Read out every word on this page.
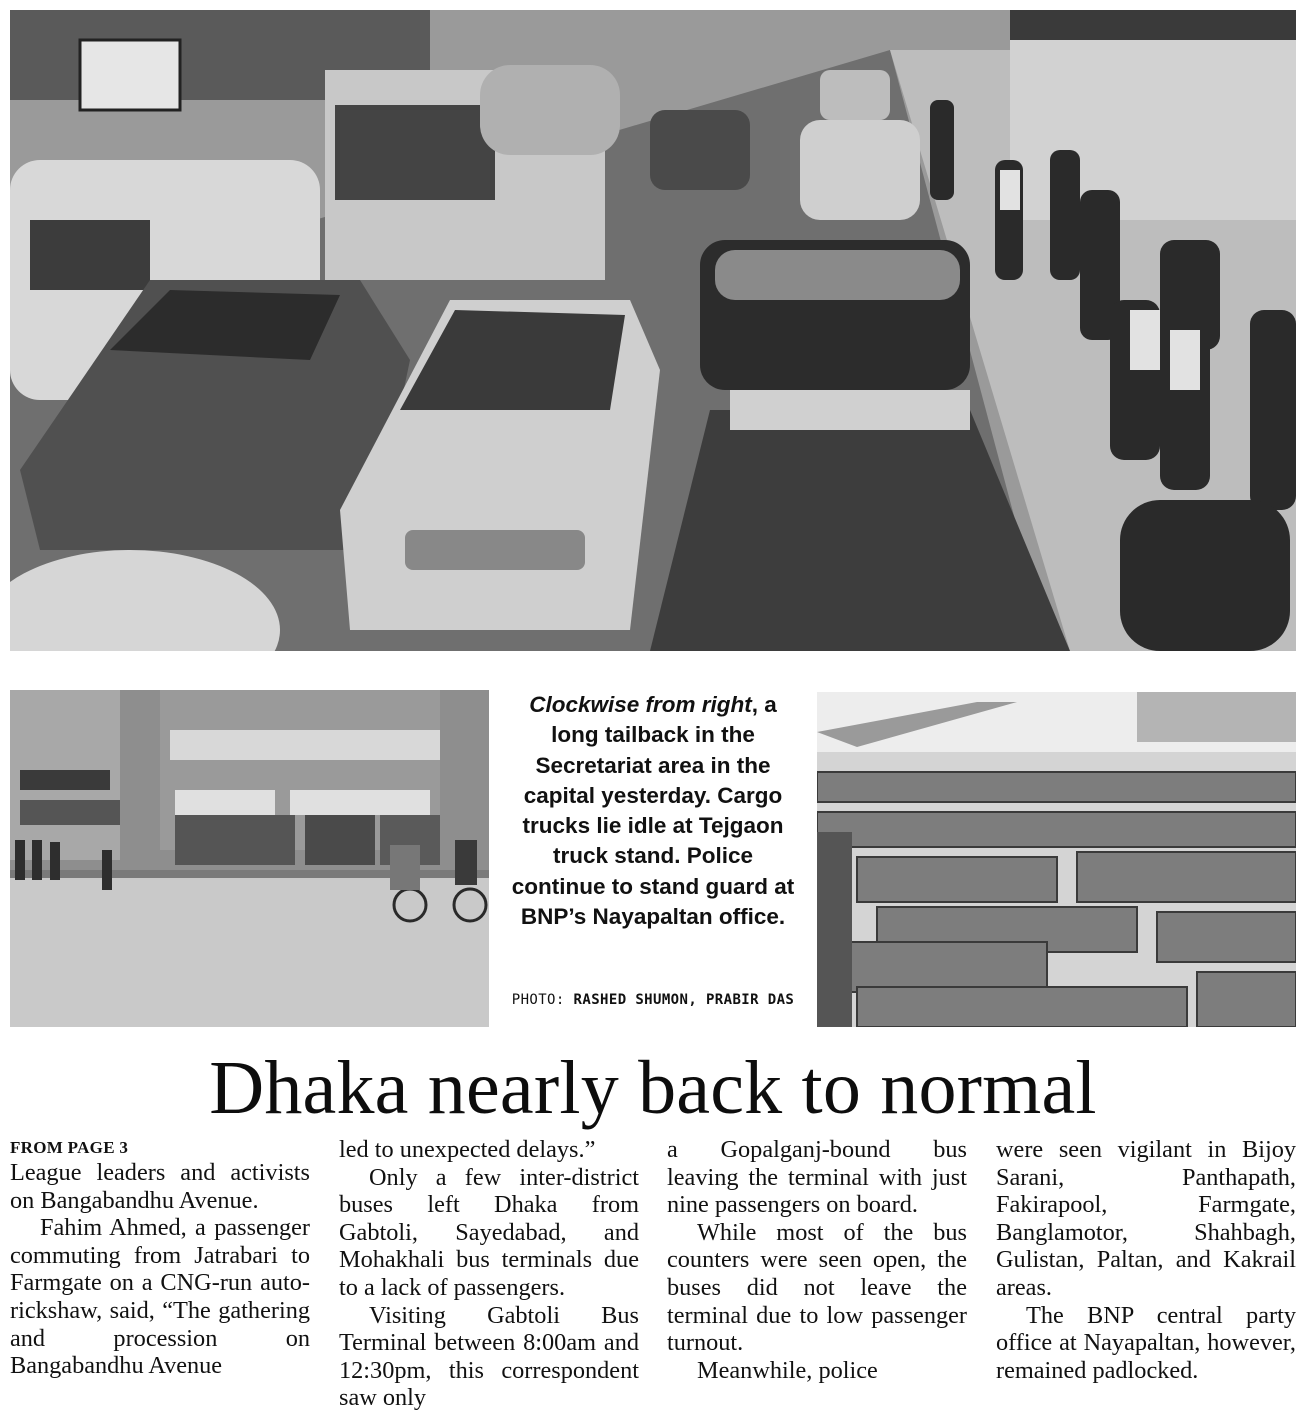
Clockwise from right, a long tailback in the Secretariat area in the capital yesterday. Cargo trucks lie idle at Tejgaon truck stand. Police continue to stand guard at BNP’s Nayapaltan office.
PHOTO: RASHED SHUMON, PRABIR DAS
Dhaka nearly back to normal
FROM PAGE 3

League leaders and activists on Bangabandhu Avenue.

Fahim Ahmed, a passenger commuting from Jatrabari to Farmgate on a CNG-run auto-rickshaw, said, “The gathering and procession on Bangabandhu Avenue

led to unexpected delays.”

Only a few inter-district buses left Dhaka from Gabtoli, Sayedabad, and Mohakhali bus terminals due to a lack of passengers.

Visiting Gabtoli Bus Terminal between 8:00am and 12:30pm, this correspondent saw only

a Gopalganj-bound bus leaving the terminal with just nine passengers on board.

While most of the bus counters were seen open, the buses did not leave the terminal due to low passenger turnout.

Meanwhile, police

were seen vigilant in Bijoy Sarani, Panthapath, Fakirapool, Farmgate, Banglamotor, Shahbagh, Gulistan, Paltan, and Kakrail areas.

The BNP central party office at Nayapaltan, however, remained padlocked.
